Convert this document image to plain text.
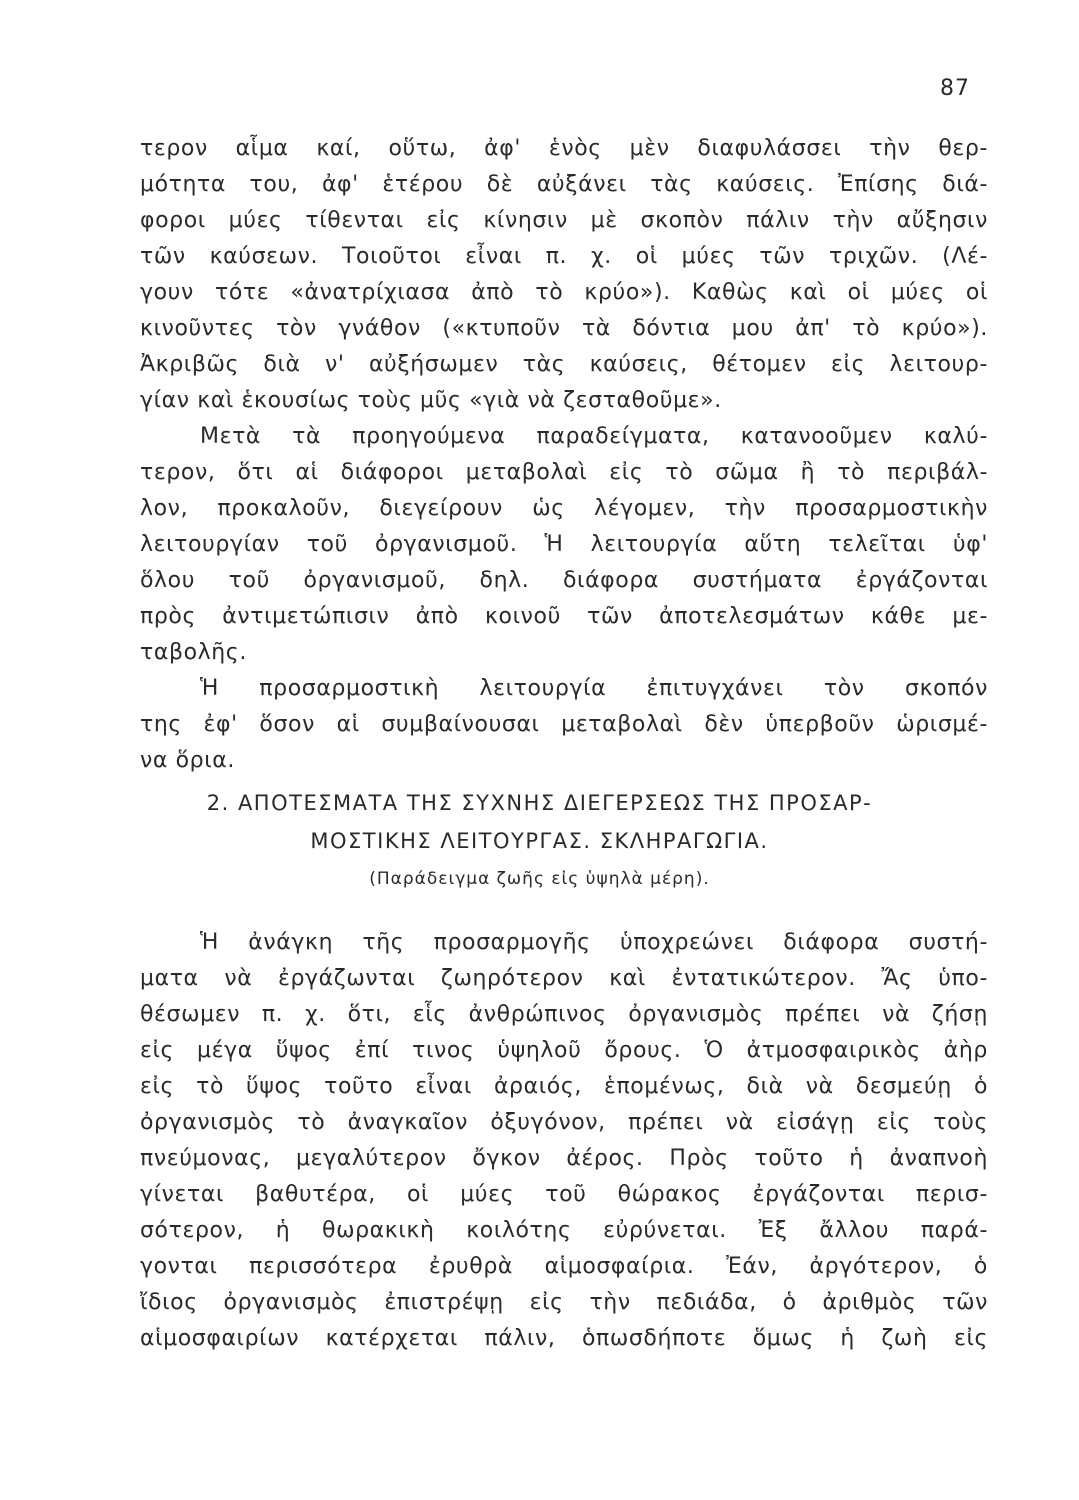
87
τερον αἷμα καί, οὕτω, ἀφ' ἑνὸς μὲν διαφυλάσσει τὴν θερ-
μότητα του, ἀφ' ἑτέρου δὲ αὐξάνει τὰς καύσεις. Ἐπίσης διά-
φοροι μύες τίθενται εἰς κίνησιν μὲ σκοπὸν πάλιν τὴν αὔξησιν
τῶν καύσεων. Τοιοῦτοι εἶναι π. χ. οἱ μύες τῶν τριχῶν. (Λέ-
γουν τότε «ἀνατρίχιασα ἀπὸ τὸ κρύο»). Καθὼς καὶ οἱ μύες οἱ
κινοῦντες τὸν γνάθον («κτυποῦν τὰ δόντια μου ἀπ' τὸ κρύο»).
Ἀκριβῶς διὰ ν' αὐξήσωμεν τὰς καύσεις, θέτομεν εἰς λειτουρ-
γίαν καὶ ἑκουσίως τοὺς μῦς «γιὰ νὰ ζεσταθοῦμε».
Μετὰ τὰ προηγούμενα παραδείγματα, κατανοοῦμεν καλύ-
τερον, ὅτι αἱ διάφοροι μεταβολαὶ εἰς τὸ σῶμα ἢ τὸ περιβάλ-
λον, προκαλοῦν, διεγείρουν ὡς λέγομεν, τὴν προσαρμοστικὴν
λειτουργίαν τοῦ ὀργανισμοῦ. Ἡ λειτουργία αὕτη τελεῖται ὑφ'
ὅλου τοῦ ὀργανισμοῦ, δηλ. διάφορα συστήματα ἐργάζονται
πρὸς ἀντιμετώπισιν ἀπὸ κοινοῦ τῶν ἀποτελεσμάτων κάθε με-
ταβολῆς.
Ἡ προσαρμοστικὴ λειτουργία ἐπιτυγχάνει τὸν σκοπόν
της ἐφ' ὅσον αἱ συμβαίνουσαι μεταβολαὶ δὲν ὑπερβοῦν ὡρισμέ-
να ὅρια.
2. ΑΠΟΤΕΣΜΑΤΑ ΤΗΣ ΣΥΧΝΗΣ ΔΙΕΓΕΡΣΕΩΣ ΤΗΣ ΠΡΟΣΑΡ-
ΜΟΣΤΙΚΗΣ ΛΕΙΤΟΥΡΓΑΣ. ΣΚΛΗΡΑΓΩΓΙΑ.
(Παράδειγμα ζωῆς εἰς ὑψηλὰ μέρη).
Ἡ ἀνάγκη τῆς προσαρμογῆς ὑποχρεώνει διάφορα συστή-
ματα νὰ ἐργάζωνται ζωηρότερον καὶ ἐντατικώτερον. Ἄς ὑπο-
θέσωμεν π. χ. ὅτι, εἷς ἀνθρώπινος ὀργανισμὸς πρέπει νὰ ζήσῃ
εἰς μέγα ὕψος ἐπί τινος ὑψηλοῦ ὄρους. Ὁ ἀτμοσφαιρικὸς ἀὴρ
εἰς τὸ ὕψος τοῦτο εἶναι ἀραιός, ἑπομένως, διὰ νὰ δεσμεύῃ ὁ
ὀργανισμὸς τὸ ἀναγκαῖον ὀξυγόνον, πρέπει νὰ εἰσάγῃ εἰς τοὺς
πνεύμονας, μεγαλύτερον ὄγκον ἀέρος. Πρὸς τοῦτο ἡ ἀναπνοὴ
γίνεται βαθυτέρα, οἱ μύες τοῦ θώρακος ἐργάζονται περισ-
σότερον, ἡ θωρακικὴ κοιλότης εὐρύνεται. Ἐξ ἄλλου παρά-
γονται περισσότερα ἐρυθρὰ αἱμοσφαίρια. Ἐάν, ἀργότερον, ὁ
ἴδιος ὀργανισμὸς ἐπιστρέψῃ εἰς τὴν πεδιάδα, ὁ ἀριθμὸς τῶν
αἱμοσφαιρίων κατέρχεται πάλιν, ὁπωσδήποτε ὅμως ἡ ζωὴ εἰς
